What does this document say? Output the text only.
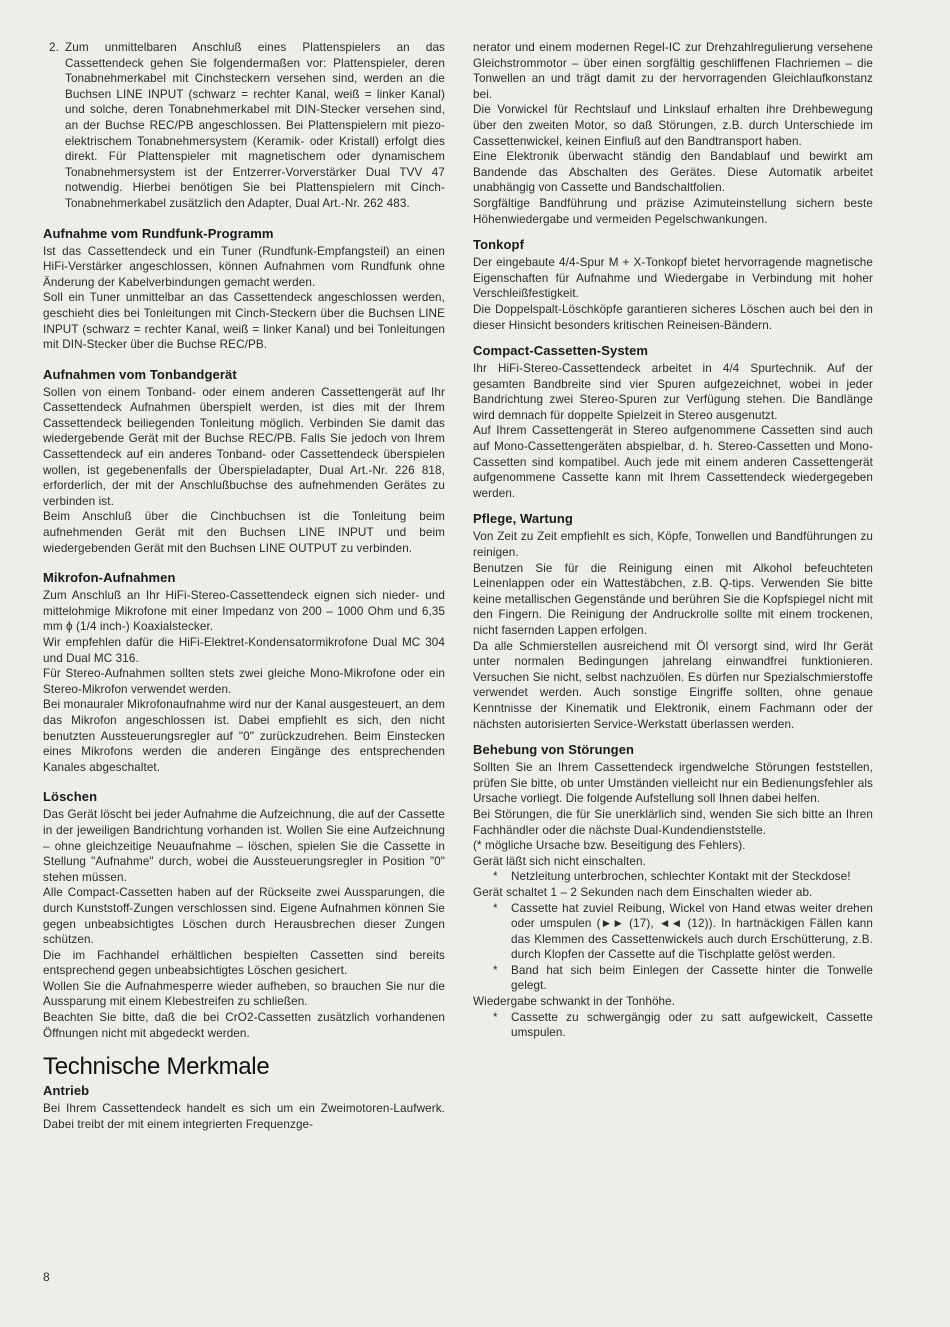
2. Zum unmittelbaren Anschluß eines Plattenspielers an das Cassettendeck gehen Sie folgendermaßen vor: Plattenspieler, deren Tonabnehmerkabel mit Cinchsteckern versehen sind, werden an die Buchsen LINE INPUT (schwarz = rechter Kanal, weiß = linker Kanal) und solche, deren Tonabnehmerkabel mit DIN-Stecker versehen sind, an der Buchse REC/PB angeschlossen. Bei Plattenspielern mit piezo-elektrischem Tonabnehmersystem (Keramik- oder Kristall) erfolgt dies direkt. Für Plattenspieler mit magnetischem oder dynamischem Tonabnehmersystem ist der Entzerrer-Vorverstärker Dual TVV 47 notwendig. Hierbei benötigen Sie bei Plattenspielern mit Cinch-Tonabnehmerkabel zusätzlich den Adapter, Dual Art.-Nr. 262 483.

Aufnahme vom Rundfunk-Programm

Ist das Cassettendeck und ein Tuner (Rundfunk-Empfangsteil) an einen HiFi-Verstärker angeschlossen, können Aufnahmen vom Rundfunk ohne Änderung der Kabelverbindungen gemacht werden.

Soll ein Tuner unmittelbar an das Cassettendeck angeschlossen werden, geschieht dies bei Tonleitungen mit Cinch-Steckern über die Buchsen LINE INPUT (schwarz = rechter Kanal, weiß = linker Kanal) und bei Tonleitungen mit DIN-Stecker über die Buchse REC/PB.

Aufnahmen vom Tonbandgerät

Sollen von einem Tonband- oder einem anderen Cassettengerät auf Ihr Cassettendeck Aufnahmen überspielt werden, ist dies mit der Ihrem Cassettendeck beiliegenden Tonleitung möglich. Verbinden Sie damit das wiedergebende Gerät mit der Buchse REC/PB. Falls Sie jedoch von Ihrem Cassettendeck auf ein anderes Tonband- oder Cassettendeck überspielen wollen, ist gegebenenfalls der Überspieladapter, Dual Art.-Nr. 226 818, erforderlich, der mit der Anschlußbuchse des aufnehmenden Gerätes zu verbinden ist.

Beim Anschluß über die Cinchbuchsen ist die Tonleitung beim aufnehmenden Gerät mit den Buchsen LINE INPUT und beim wiedergebenden Gerät mit den Buchsen LINE OUTPUT zu verbinden.

Mikrofon-Aufnahmen

Zum Anschluß an Ihr HiFi-Stereo-Cassettendeck eignen sich nieder- und mittelohmige Mikrofone mit einer Impedanz von 200 – 1000 Ohm und 6,35 mm ϕ (1/4 inch-) Koaxialstecker.

Wir empfehlen dafür die HiFi-Elektret-Kondensatormikrofone Dual MC 304 und Dual MC 316.

Für Stereo-Aufnahmen sollten stets zwei gleiche Mono-Mikrofone oder ein Stereo-Mikrofon verwendet werden.

Bei monauraler Mikrofonaufnahme wird nur der Kanal ausgesteuert, an dem das Mikrofon angeschlossen ist. Dabei empfiehlt es sich, den nicht benutzten Aussteuerungsregler auf "0" zurückzudrehen. Beim Einstecken eines Mikrofons werden die anderen Eingänge des entsprechenden Kanales abgeschaltet.

Löschen

Das Gerät löscht bei jeder Aufnahme die Aufzeichnung, die auf der Cassette in der jeweiligen Bandrichtung vorhanden ist. Wollen Sie eine Aufzeichnung – ohne gleichzeitige Neuaufnahme – löschen, spielen Sie die Cassette in Stellung "Aufnahme" durch, wobei die Aussteuerungsregler in Position "0" stehen müssen.

Alle Compact-Cassetten haben auf der Rückseite zwei Aussparungen, die durch Kunststoff-Zungen verschlossen sind. Eigene Aufnahmen können Sie gegen unbeabsichtigtes Löschen durch Herausbrechen dieser Zungen schützen.

Die im Fachhandel erhältlichen bespielten Cassetten sind bereits entsprechend gegen unbeabsichtigtes Löschen gesichert.

Wollen Sie die Aufnahmesperre wieder aufheben, so brauchen Sie nur die Aussparung mit einem Klebestreifen zu schließen.

Beachten Sie bitte, daß die bei CrO2-Cassetten zusätzlich vorhandenen Öffnungen nicht mit abgedeckt werden.

Technische Merkmale
Antrieb

Bei Ihrem Cassettendeck handelt es sich um ein Zweimotoren-Laufwerk. Dabei treibt der mit einem integrierten Frequenzge-

nerator und einem modernen Regel-IC zur Drehzahlregulierung versehene Gleichstrommotor – über einen sorgfältig geschliffenen Flachriemen – die Tonwellen an und trägt damit zu der hervorragenden Gleichlaufkonstanz bei.

Die Vorwickel für Rechtslauf und Linkslauf erhalten ihre Drehbewegung über den zweiten Motor, so daß Störungen, z.B. durch Unterschiede im Cassettenwickel, keinen Einfluß auf den Bandtransport haben.

Eine Elektronik überwacht ständig den Bandablauf und bewirkt am Bandende das Abschalten des Gerätes. Diese Automatik arbeitet unabhängig von Cassette und Bandschaltfolien.

Sorgfältige Bandführung und präzise Azimuteinstellung sichern beste Höhenwiedergabe und vermeiden Pegelschwankungen.

Tonkopf

Der eingebaute 4/4-Spur M + X-Tonkopf bietet hervorragende magnetische Eigenschaften für Aufnahme und Wiedergabe in Verbindung mit hoher Verschleißfestigkeit.

Die Doppelspalt-Löschköpfe garantieren sicheres Löschen auch bei den in dieser Hinsicht besonders kritischen Reineisen-Bändern.

Compact-Cassetten-System

Ihr HiFi-Stereo-Cassettendeck arbeitet in 4/4 Spurtechnik. Auf der gesamten Bandbreite sind vier Spuren aufgezeichnet, wobei in jeder Bandrichtung zwei Stereo-Spuren zur Verfügung stehen. Die Bandlänge wird demnach für doppelte Spielzeit in Stereo ausgenutzt.

Auf Ihrem Cassettengerät in Stereo aufgenommene Cassetten sind auch auf Mono-Cassettengeräten abspielbar, d. h. Stereo-Cassetten und Mono-Cassetten sind kompatibel. Auch jede mit einem anderen Cassettengerät aufgenommene Cassette kann mit Ihrem Cassettendeck wiedergegeben werden.

Pflege, Wartung

Von Zeit zu Zeit empfiehlt es sich, Köpfe, Tonwellen und Bandführungen zu reinigen.

Benutzen Sie für die Reinigung einen mit Alkohol befeuchteten Leinenlappen oder ein Wattestäbchen, z.B. Q-tips. Verwenden Sie bitte keine metallischen Gegenstände und berühren Sie die Kopfspiegel nicht mit den Fingern. Die Reinigung der Andruckrolle sollte mit einem trockenen, nicht fasernden Lappen erfolgen.

Da alle Schmierstellen ausreichend mit Öl versorgt sind, wird Ihr Gerät unter normalen Bedingungen jahrelang einwandfrei funktionieren. Versuchen Sie nicht, selbst nachzuölen. Es dürfen nur Spezialschmierstoffe verwendet werden. Auch sonstige Eingriffe sollten, ohne genaue Kenntnisse der Kinematik und Elektronik, einem Fachmann oder der nächsten autorisierten Service-Werkstatt überlassen werden.

Behebung von Störungen

Sollten Sie an Ihrem Cassettendeck irgendwelche Störungen feststellen, prüfen Sie bitte, ob unter Umständen vielleicht nur ein Bedienungsfehler als Ursache vorliegt. Die folgende Aufstellung soll Ihnen dabei helfen.

Bei Störungen, die für Sie unerklärlich sind, wenden Sie sich bitte an Ihren Fachhändler oder die nächste Dual-Kundendienststelle.

(* mögliche Ursache bzw. Beseitigung des Fehlers).

Gerät läßt sich nicht einschalten.

* Netzleitung unterbrochen, schlechter Kontakt mit der Steckdose!

Gerät schaltet 1 – 2 Sekunden nach dem Einschalten wieder ab.

* Cassette hat zuviel Reibung, Wickel von Hand etwas weiter drehen oder umspulen (►► (17), ◄◄ (12)). In hartnäckigen Fällen kann das Klemmen des Cassettenwickels auch durch Erschütterung, z.B. durch Klopfen der Cassette auf die Tischplatte gelöst werden.

* Band hat sich beim Einlegen der Cassette hinter die Tonwelle gelegt.

Wiedergabe schwankt in der Tonhöhe.

* Cassette zu schwergängig oder zu satt aufgewickelt, Cassette umspulen.

8
